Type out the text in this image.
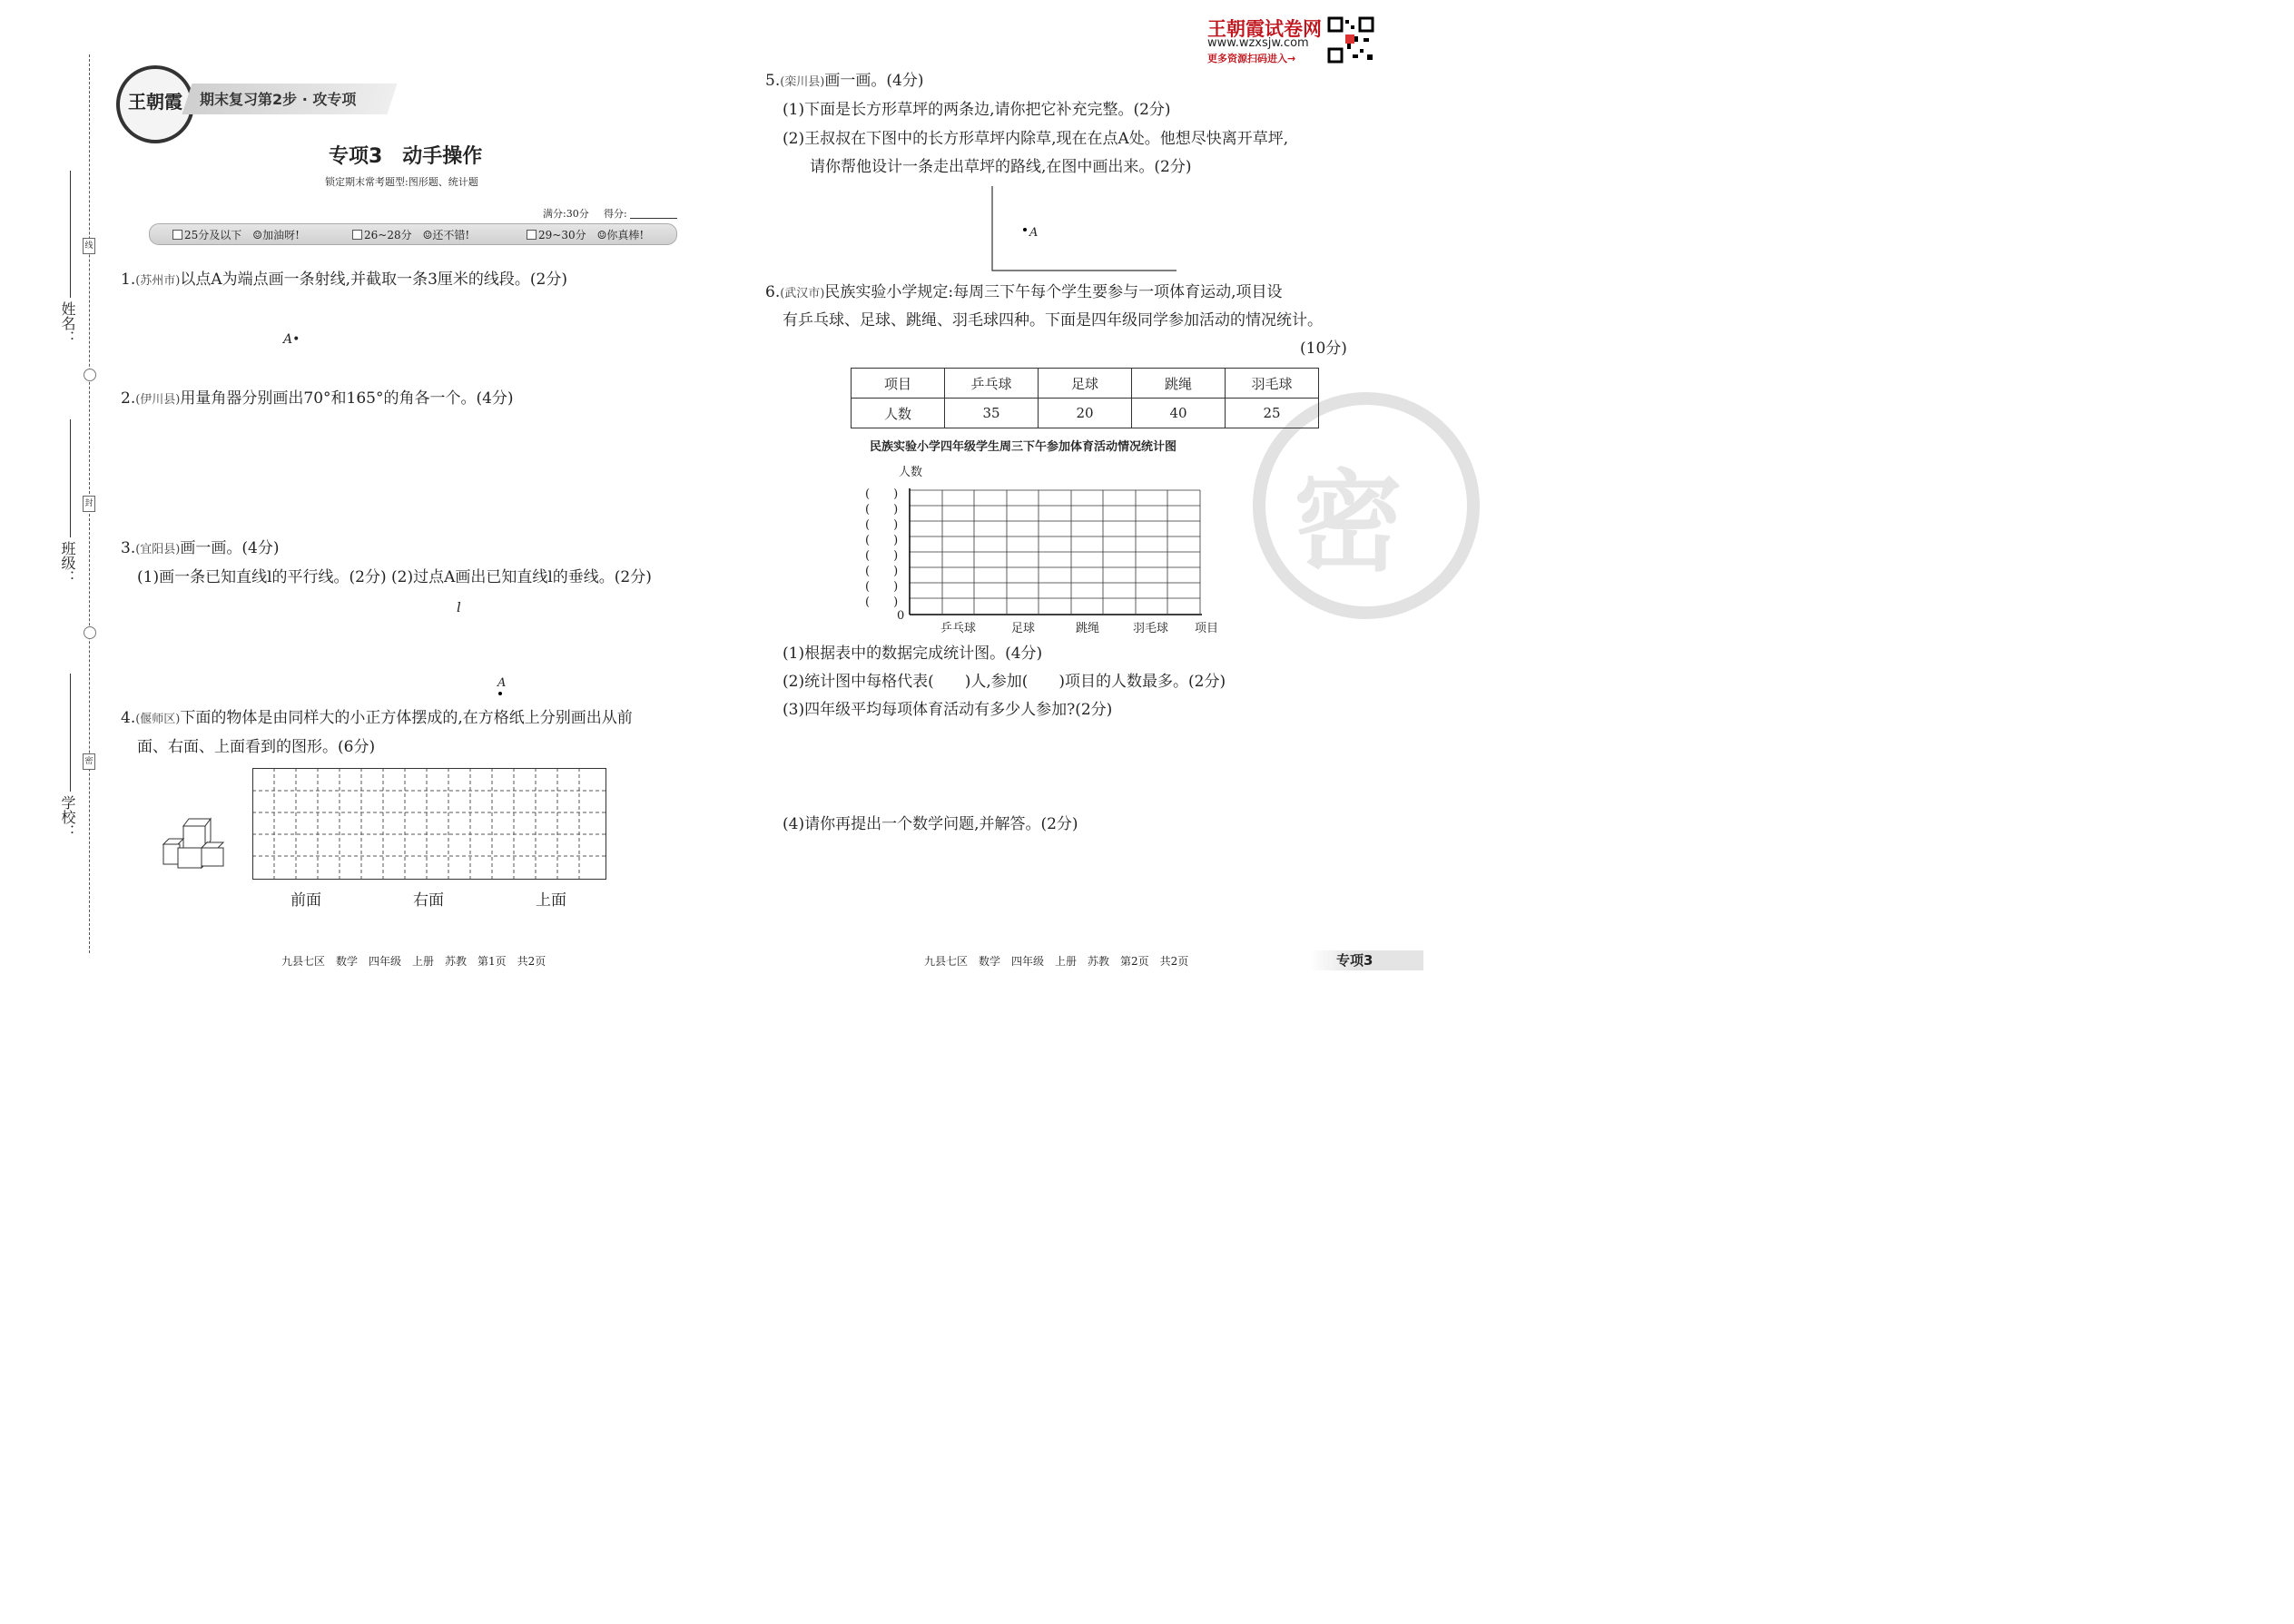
线
封
密
姓名：
班级：
学校：
王朝霞	期末复习第2步 · 攻专项
专项3　动手操作
锁定期末常考题型:图形题、统计题
满分:30分 得分:
25分及以下　 ☺加油呀!	26~28分　 ☺还不错!	29~30分　 ☺你真棒!
王朝霞试卷网
www.wzxsjw.com
更多资源扫码进入→
密
1.(苏州市)以点A为端点画一条射线,并截取一条3厘米的线段。(2分)
A•
2.(伊川县)用量角器分别画出70°和165°的角各一个。(4分)
3.(宜阳县)画一画。(4分)
(1)画一条已知直线l的平行线。(2分) (2)过点A画出已知直线l的垂线。(2分)
l
A
4.(偃师区)下面的物体是由同样大的小正方体摆成的,在方格纸上分别画出从前
面、右面、上面看到的图形。(6分)
前面	右面	上面
5.(栾川县)画一画。(4分)
(1)下面是长方形草坪的两条边,请你把它补充完整。(2分)
(2)王叔叔在下图中的长方形草坪内除草,现在在点A处。他想尽快离开草坪,
请你帮他设计一条走出草坪的路线,在图中画出来。(2分)
A
6.(武汉市)民族实验小学规定:每周三下午每个学生要参与一项体育运动,项目设
有乒乓球、足球、跳绳、羽毛球四种。下面是四年级同学参加活动的情况统计。
(10分)
项目	乒乓球	足球	跳绳	羽毛球
人数	35	20	40	25
民族实验小学四年级学生周三下午参加体育活动情况统计图
人数
(　　)
(　　)
(　　)
(　　)
(　　)
(　　)
(　　)
(　　)
0
乒乓球	足球	跳绳	羽毛球 项目
(1)根据表中的数据完成统计图。(4分)
(2)统计图中每格代表(　　)人,参加(　　)项目的人数最多。(2分)
(3)四年级平均每项体育活动有多少人参加?(2分)
(4)请你再提出一个数学问题,并解答。(2分)
九县七区　数学　四年级　上册　苏教　第1页　共2页	九县七区　数学　四年级　上册　苏教　第2页　共2页	专项3
